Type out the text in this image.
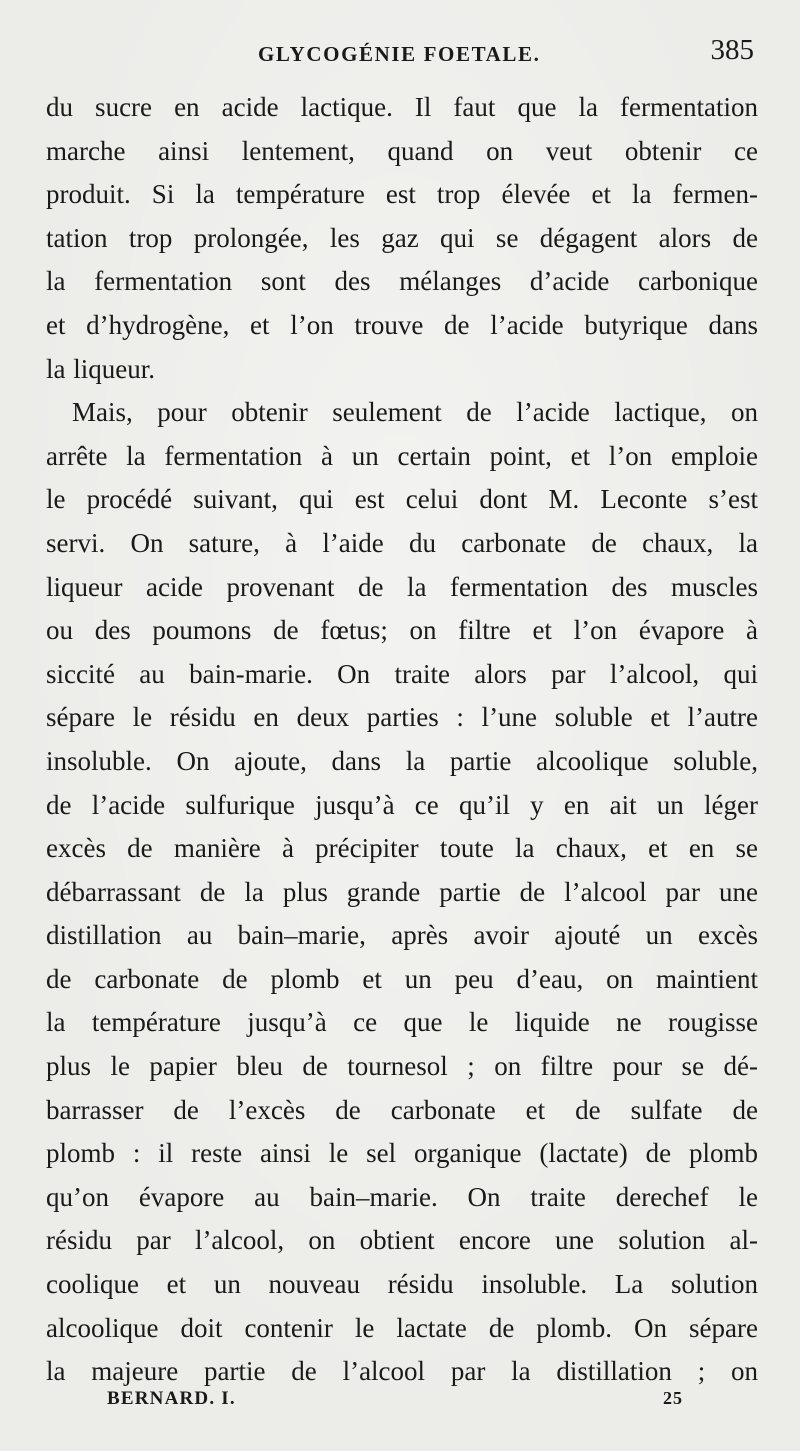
GLYCOGÉNIE FOETALE.	385
du sucre en acide lactique. Il faut que la fermentation
marche ainsi lentement, quand on veut obtenir ce
produit. Si la température est trop élevée et la fermen-
tation trop prolongée, les gaz qui se dégagent alors de
la fermentation sont des mélanges d’acide carbonique
et d’hydrogène, et l’on trouve de l’acide butyrique dans
la liqueur.
Mais, pour obtenir seulement de l’acide lactique, on
arrête la fermentation à un certain point, et l’on emploie
le procédé suivant, qui est celui dont M. Leconte s’est
servi. On sature, à l’aide du carbonate de chaux, la
liqueur acide provenant de la fermentation des muscles
ou des poumons de fœtus; on filtre et l’on évapore à
siccité au bain-marie. On traite alors par l’alcool, qui
sépare le résidu en deux parties : l’une soluble et l’autre
insoluble. On ajoute, dans la partie alcoolique soluble,
de l’acide sulfurique jusqu’à ce qu’il y en ait un léger
excès de manière à précipiter toute la chaux, et en se
débarrassant de la plus grande partie de l’alcool par une
distillation au bain–marie, après avoir ajouté un excès
de carbonate de plomb et un peu d’eau, on maintient
la température jusqu’à ce que le liquide ne rougisse
plus le papier bleu de tournesol ; on filtre pour se dé-
barrasser de l’excès de carbonate et de sulfate de
plomb : il reste ainsi le sel organique (lactate) de plomb
qu’on évapore au bain–marie. On traite derechef le
résidu par l’alcool, on obtient encore une solution al-
coolique et un nouveau résidu insoluble. La solution
alcoolique doit contenir le lactate de plomb. On sépare
la majeure partie de l’alcool par la distillation ; on
BERNARD. I.	25
